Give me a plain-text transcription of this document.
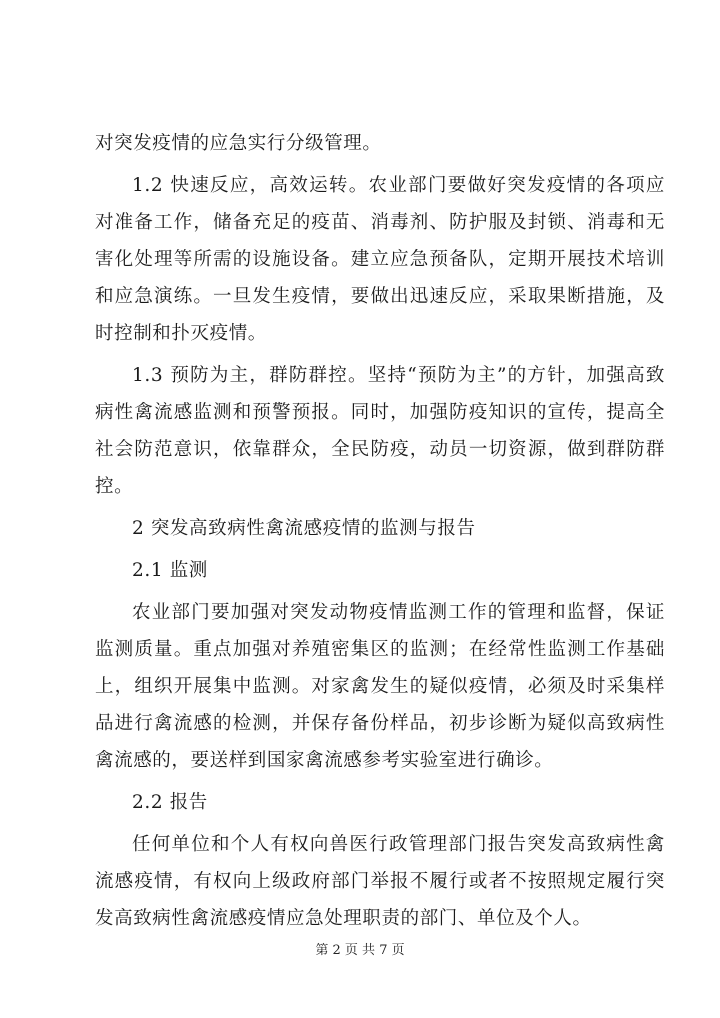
对突发疫情的应急实行分级管理。

1.2 快速反应，高效运转。农业部门要做好突发疫情的各项应对准备工作，储备充足的疫苗、消毒剂、防护服及封锁、消毒和无害化处理等所需的设施设备。建立应急预备队，定期开展技术培训和应急演练。一旦发生疫情，要做出迅速反应，采取果断措施，及时控制和扑灭疫情。

1.3 预防为主，群防群控。坚持“预防为主”的方针，加强高致病性禽流感监测和预警预报。同时，加强防疫知识的宣传，提高全社会防范意识，依靠群众，全民防疫，动员一切资源，做到群防群控。

2 突发高致病性禽流感疫情的监测与报告

2.1 监测

农业部门要加强对突发动物疫情监测工作的管理和监督，保证监测质量。重点加强对养殖密集区的监测；在经常性监测工作基础上，组织开展集中监测。对家禽发生的疑似疫情，必须及时采集样品进行禽流感的检测，并保存备份样品，初步诊断为疑似高致病性禽流感的，要送样到国家禽流感参考实验室进行确诊。

2.2 报告

任何单位和个人有权向兽医行政管理部门报告突发高致病性禽流感疫情，有权向上级政府部门举报不履行或者不按照规定履行突发高致病性禽流感疫情应急处理职责的部门、单位及个人。

第 2 页 共 7 页
